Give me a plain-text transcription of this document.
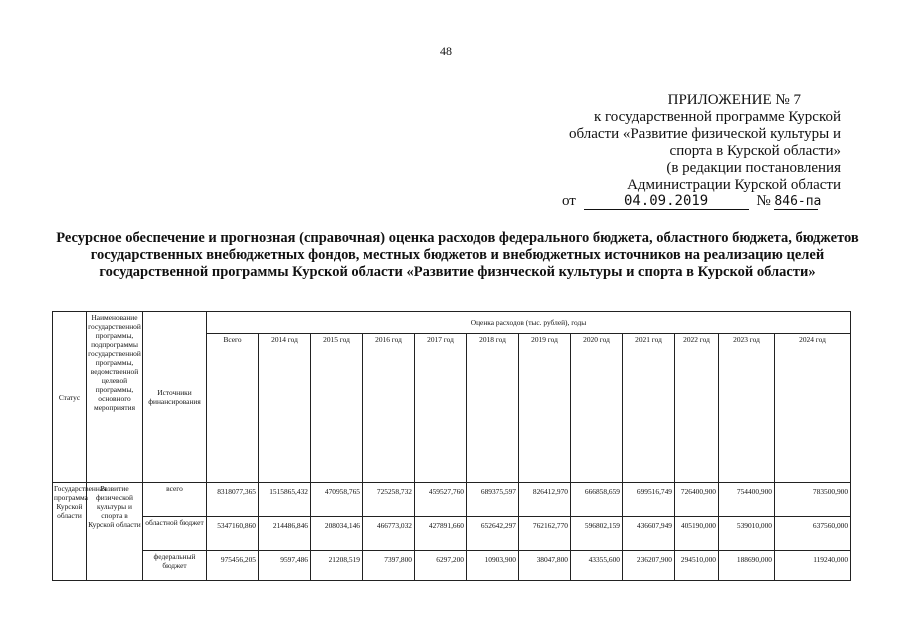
48
ПРИЛОЖЕНИЕ № 7
к государственной программе Курской
области «Развитие физической культуры и
спорта в Курской области»
(в редакции постановления
Администрации Курской области
от	04.09.2019	№ 846-па
Ресурсное обеспечение и прогнозная (справочная) оценка расходов федерального бюджета, областного бюджета, бюджетов государственных внебюджетных фондов, местных бюджетов и внебюджетных источников на реализацию целей государственной программы Курской области «Развитие физнческой культуры и спорта в Курской области»
Статус	Наименование государственной программы, подпрограммы государственной программы, ведомственной целевой программы, основного мероприятия	Источники финансирования	Оценка расходов (тыс. рублей), годы											
			Всего	2014 год	2015 год	2016 год	2017 год	2018 год	2019 год	2020 год	2021 год	2022 год	2023 год	2024 год
Государственная программа Курской области	Развитие физической культуры и спорта в Курской области	всего	8318077,365	1515865,432	470958,765	725258,732	459527,760	689375,597	826412,970	666858,659	699516,749	726400,900	754400,900	783500,900
		областной бюджет	5347160,860	214486,846	208034,146	466773,032	427891,660	652642,297	762162,770	596802,159	436607,949	405190,000	539010,000	637560,000
		федеральный бюджет	975456,205	9597,486	21208,519	7397,800	6297,200	10903,900	38047,800	43355,600	236207,900	294510,000	188690,000	119240,000
